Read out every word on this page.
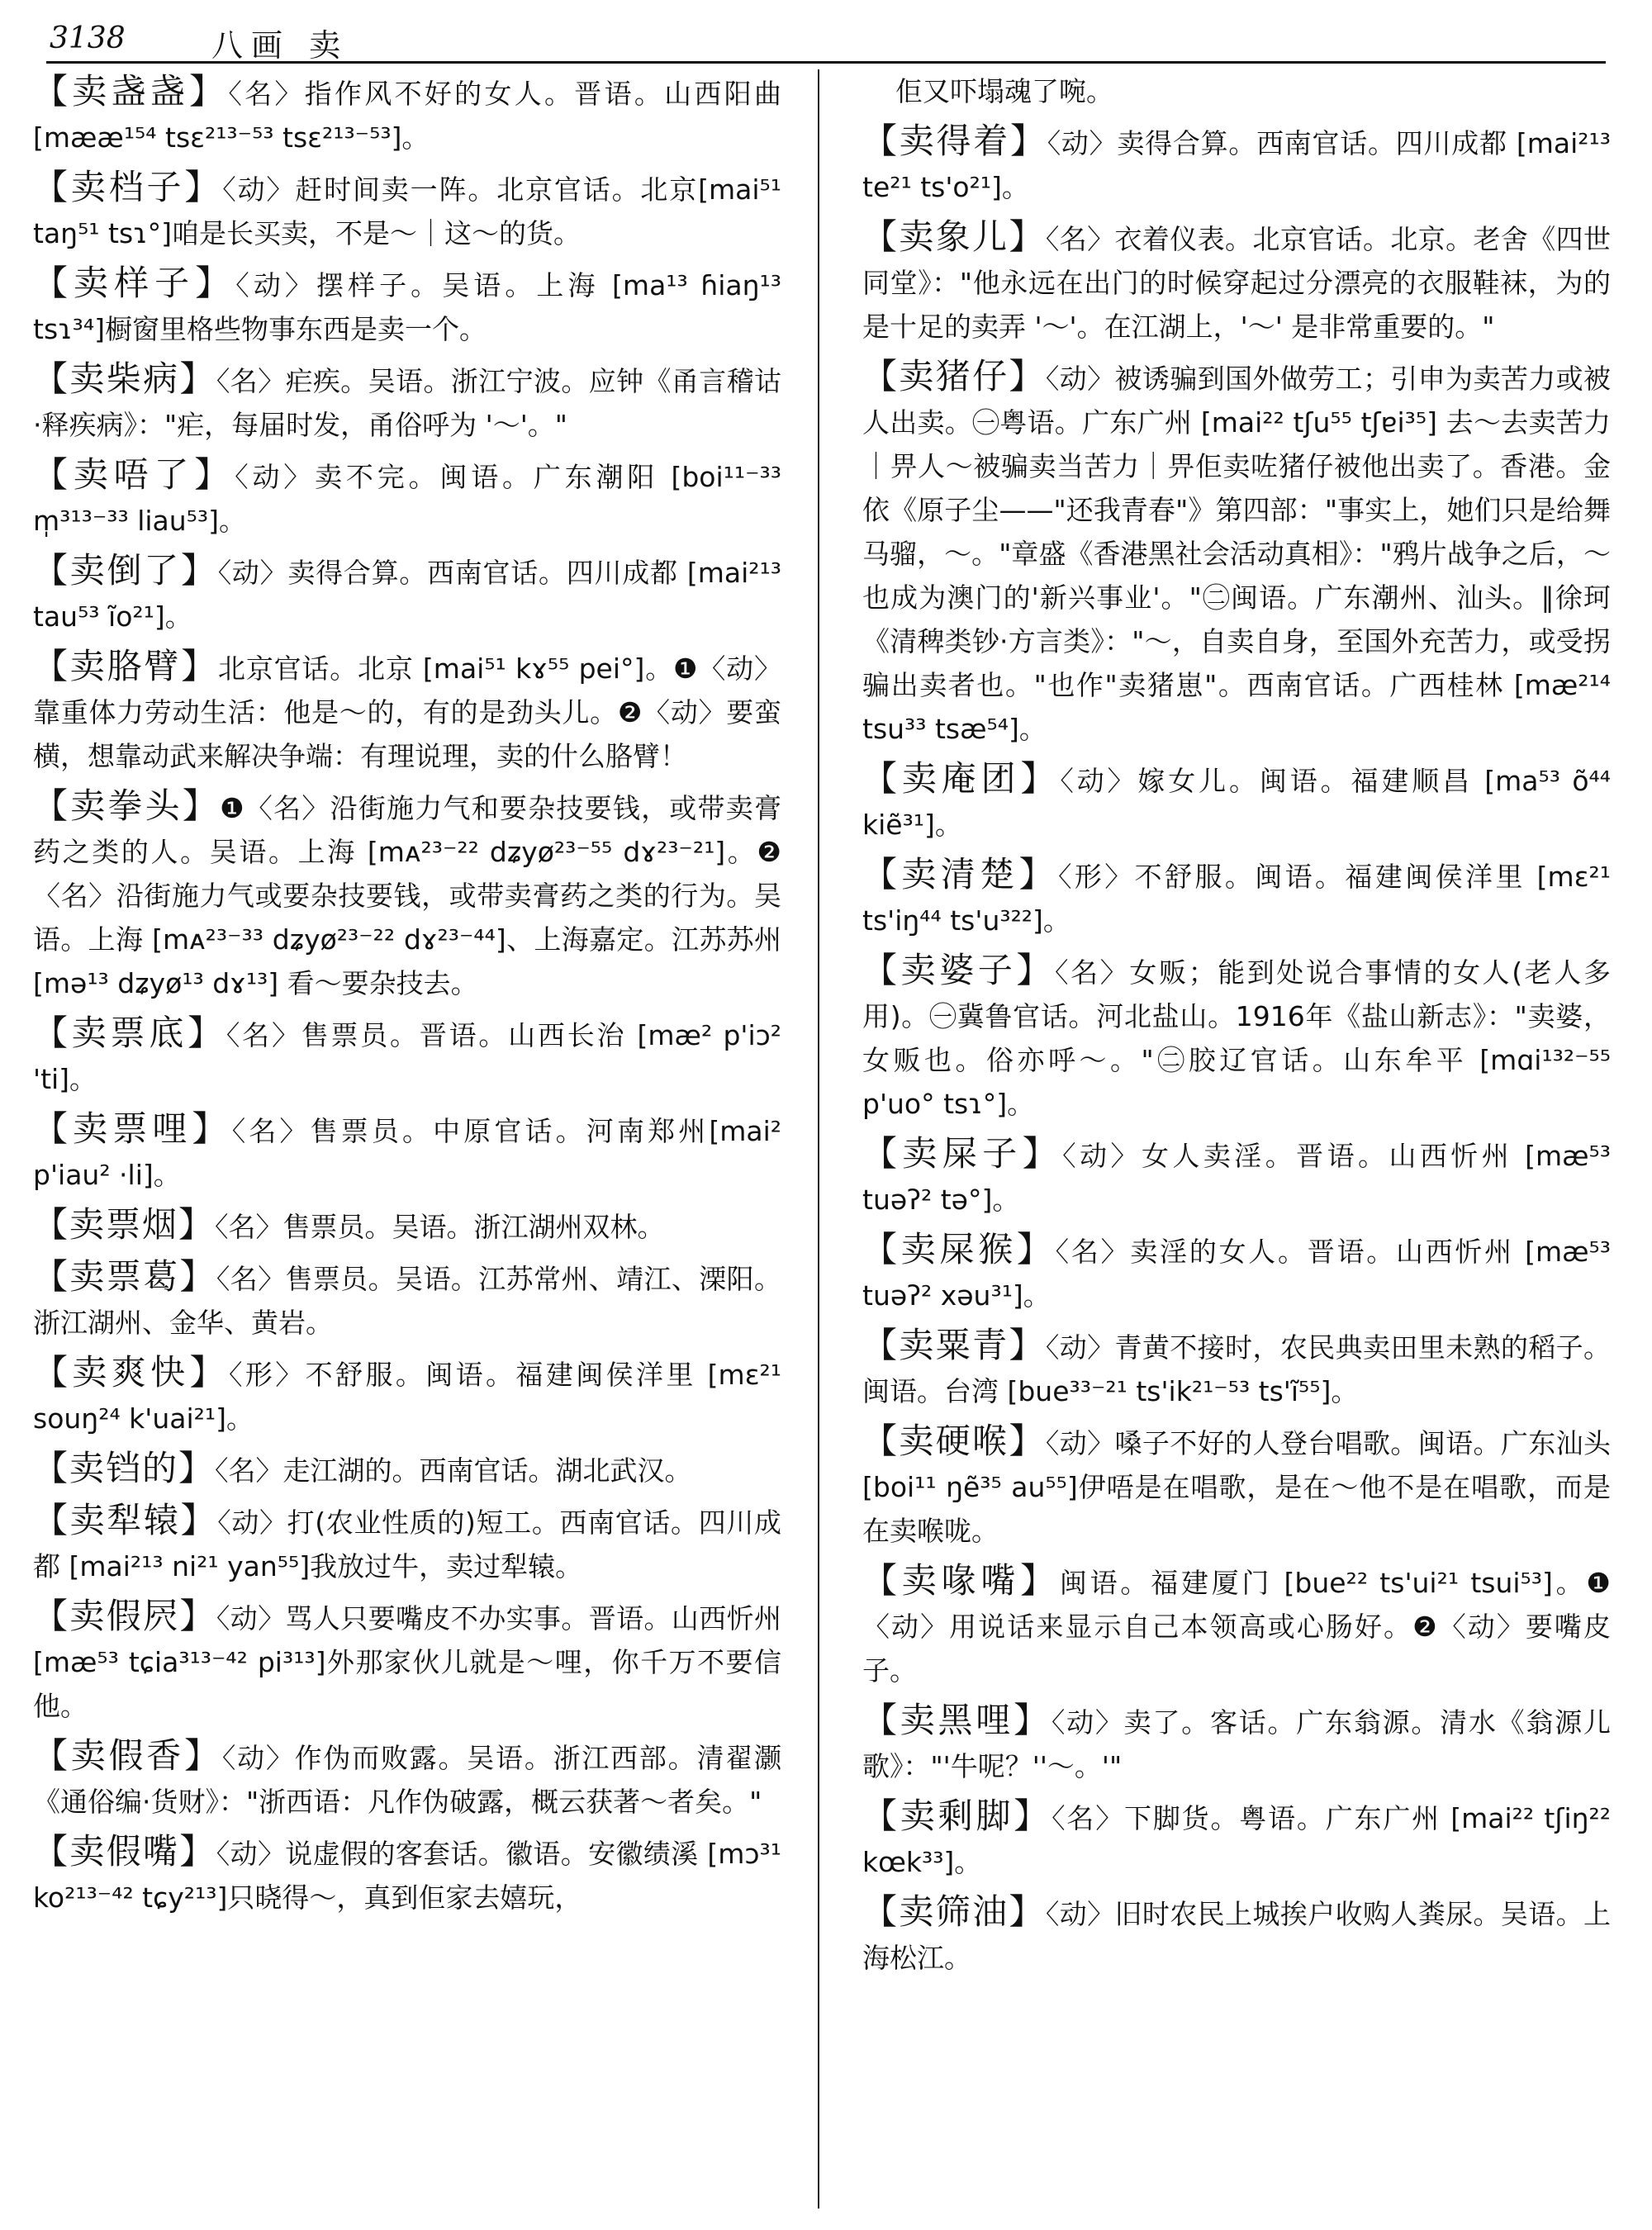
3138	八画 卖

【卖盏盏】〈名〉指作风不好的女人。晋语。山西阳曲 [mææ¹⁵⁴ tsɛ²¹³⁻⁵³ tsɛ²¹³⁻⁵³]。

【卖档子】〈动〉赶时间卖一阵。北京官话。北京[mai⁵¹ taŋ⁵¹ tsɿ°]咱是长买卖，不是～｜这～的货。

【卖样子】〈动〉摆样子。吴语。上海 [ma¹³ ɦiaŋ¹³ tsɿ³⁴]橱窗里格些物事东西是卖一个。

【卖柴病】〈名〉疟疾。吴语。浙江宁波。应钟《甬言稽诂·释疾病》："疟，每届时发，甬俗呼为 '～'。"

【卖唔了】〈动〉卖不完。闽语。广东潮阳 [boi¹¹⁻³³ m̩³¹³⁻³³ liau⁵³]。

【卖倒了】〈动〉卖得合算。西南官话。四川成都 [mai²¹³ tau⁵³ ĩo²¹]。

【卖胳臂】北京官话。北京 [mai⁵¹ kɤ⁵⁵ pei°]。❶〈动〉靠重体力劳动生活：他是～的，有的是劲头儿。❷〈动〉要蛮横，想靠动武来解决争端：有理说理，卖的什么胳臂！

【卖拳头】❶〈名〉沿街施力气和要杂技要钱，或带卖膏药之类的人。吴语。上海 [mᴀ²³⁻²² dʑyø²³⁻⁵⁵ dɤ²³⁻²¹]。❷〈名〉沿街施力气或要杂技要钱，或带卖膏药之类的行为。吴语。上海 [mᴀ²³⁻³³ dʑyø²³⁻²² dɤ²³⁻⁴⁴]、上海嘉定。江苏苏州 [mə¹³ dʑyø¹³ dɤ¹³] 看～要杂技去。

【卖票底】〈名〉售票员。晋语。山西长治 [mæ² p'iɔ² 'ti]。

【卖票哩】〈名〉售票员。中原官话。河南郑州[mai² p'iau² ·li]。

【卖票烟】〈名〉售票员。吴语。浙江湖州双林。

【卖票葛】〈名〉售票员。吴语。江苏常州、靖江、溧阳。浙江湖州、金华、黄岩。

【卖爽快】〈形〉不舒服。闽语。福建闽侯洋里 [mɛ²¹ souŋ²⁴ k'uai²¹]。

【卖铛的】〈名〉走江湖的。西南官话。湖北武汉。

【卖犁辕】〈动〉打(农业性质的)短工。西南官话。四川成都 [mai²¹³ ni²¹ yan⁵⁵]我放过牛，卖过犁辕。

【卖假屄】〈动〉骂人只要嘴皮不办实事。晋语。山西忻州 [mæ⁵³ tɕia³¹³⁻⁴² pi³¹³]外那家伙儿就是～哩，你千万不要信他。

【卖假香】〈动〉作伪而败露。吴语。浙江西部。清翟灏《通俗编·货财》："浙西语：凡作伪破露，概云获著～者矣。"

【卖假嘴】〈动〉说虚假的客套话。徽语。安徽绩溪 [mɔ³¹ ko²¹³⁻⁴² tɕy²¹³]只晓得～，真到佢家去嬉玩，

佢又吓塌魂了啘。

【卖得着】〈动〉卖得合算。西南官话。四川成都 [mai²¹³ te²¹ ts'o²¹]。

【卖象儿】〈名〉衣着仪表。北京官话。北京。老舍《四世同堂》："他永远在出门的时候穿起过分漂亮的衣服鞋袜，为的是十足的卖弄 '～'。在江湖上，'～' 是非常重要的。"

【卖猪仔】〈动〉被诱骗到国外做劳工；引申为卖苦力或被人出卖。㊀粤语。广东广州 [mai²² tʃu⁵⁵ tʃɐi³⁵] 去～去卖苦力｜畀人～被骗卖当苦力｜畀佢卖咗猪仔被他出卖了。香港。金依《原子尘——"还我青春"》第四部："事实上，她们只是给舞马骝，～。"章盛《香港黑社会活动真相》："鸦片战争之后，～也成为澳门的'新兴事业'。"㊁闽语。广东潮州、汕头。∥徐珂《清稗类钞·方言类》："～，自卖自身，至国外充苦力，或受拐骗出卖者也。"也作"卖猪崽"。西南官话。广西桂林 [mæ²¹⁴ tsu³³ tsæ⁵⁴]。

【卖庵团】〈动〉嫁女儿。闽语。福建顺昌 [ma⁵³ õ⁴⁴ kiẽ³¹]。

【卖清楚】〈形〉不舒服。闽语。福建闽侯洋里 [mɛ²¹ ts'iŋ⁴⁴ ts'u³²²]。

【卖婆子】〈名〉女贩；能到处说合事情的女人(老人多用)。㊀冀鲁官话。河北盐山。1916年《盐山新志》："卖婆，女贩也。俗亦呼～。"㊁胶辽官话。山东牟平 [mɑi¹³²⁻⁵⁵ p'uo° tsɿ°]。

【卖屎子】〈动〉女人卖淫。晋语。山西忻州 [mæ⁵³ tuəʔ² tə°]。

【卖屎猴】〈名〉卖淫的女人。晋语。山西忻州 [mæ⁵³ tuəʔ² xəu³¹]。

【卖粟青】〈动〉青黄不接时，农民典卖田里未熟的稻子。闽语。台湾 [bue³³⁻²¹ ts'ik²¹⁻⁵³ ts'ĩ⁵⁵]。

【卖硬喉】〈动〉嗓子不好的人登台唱歌。闽语。广东汕头 [boi¹¹ ŋẽ³⁵ au⁵⁵]伊唔是在唱歌，是在～他不是在唱歌，而是在卖喉咙。

【卖喙嘴】闽语。福建厦门 [bue²² ts'ui²¹ tsui⁵³]。❶〈动〉用说话来显示自己本领高或心肠好。❷〈动〉要嘴皮子。

【卖黑哩】〈动〉卖了。客话。广东翁源。清水《翁源儿歌》："'牛呢？''～。'"

【卖剩脚】〈名〉下脚货。粤语。广东广州 [mai²² tʃiŋ²² kœk³³]。

【卖筛油】〈动〉旧时农民上城挨户收购人粪尿。吴语。上海松江。
